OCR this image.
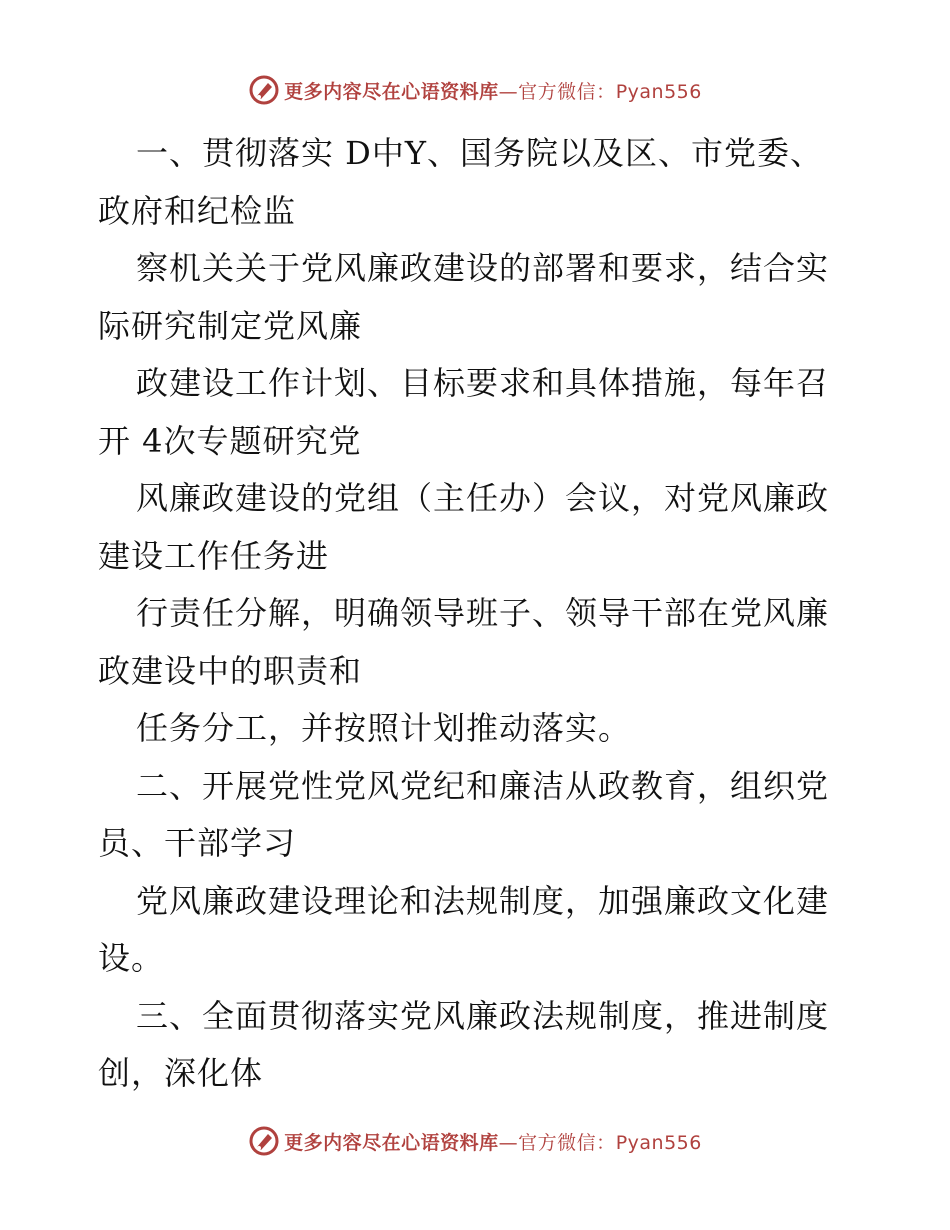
更多内容尽在心语资料库—官方微信：Pyan556

一、贯彻落实 D中Y、国务院以及区、市党委、

政府和纪检监

察机关关于党风廉政建设的部署和要求，结合实

际研究制定党风廉

政建设工作计划、目标要求和具体措施，每年召

开 4次专题研究党

风廉政建设的党组（主任办）会议，对党风廉政

建设工作任务进

行责任分解，明确领导班子、领导干部在党风廉

政建设中的职责和

任务分工，并按照计划推动落实。

二、开展党性党风党纪和廉洁从政教育，组织党

员、干部学习

党风廉政建设理论和法规制度，加强廉政文化建

设。

三、全面贯彻落实党风廉政法规制度，推进制度

创，深化体

更多内容尽在心语资料库—官方微信：Pyan556
